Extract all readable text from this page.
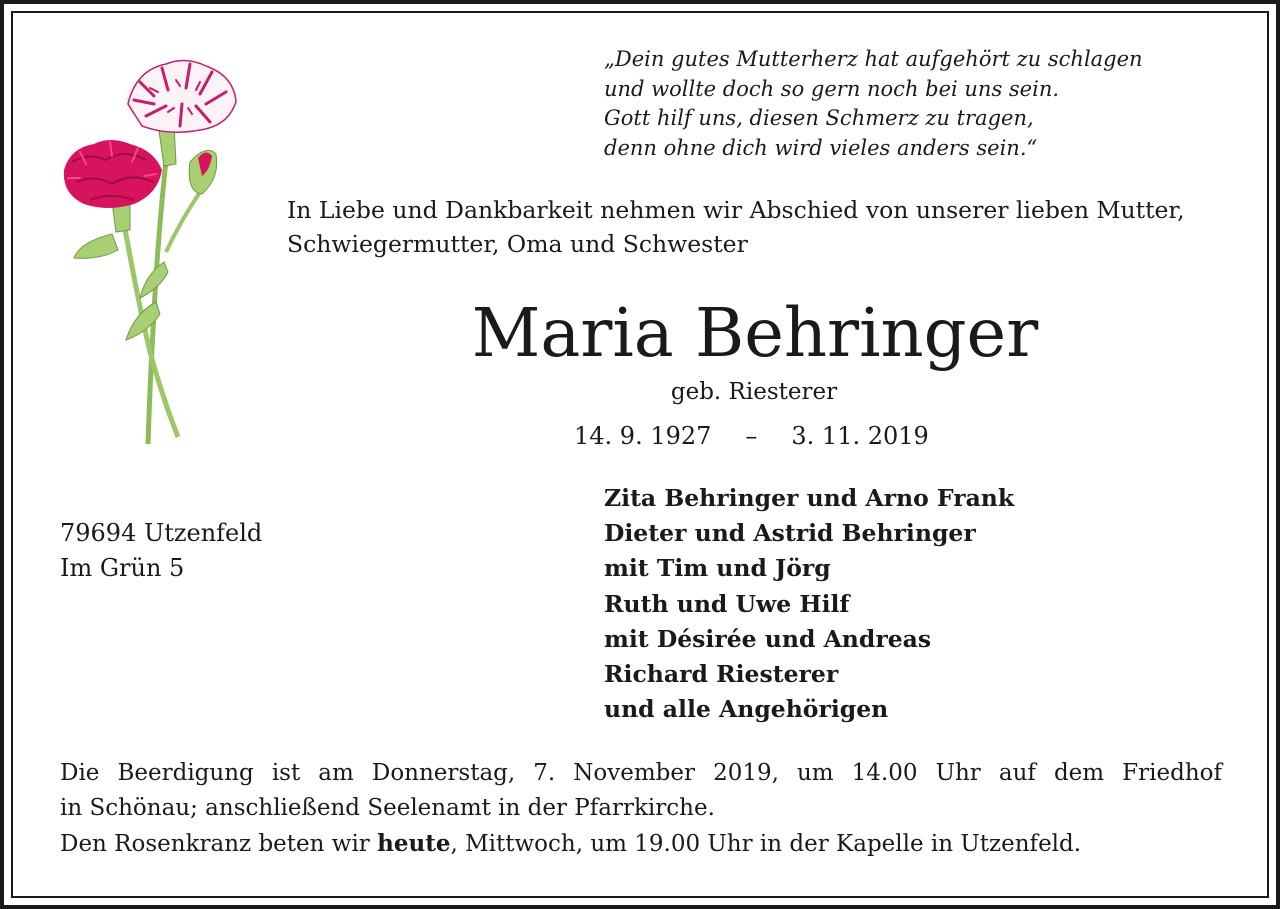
„Dein gutes Mutterherz hat aufgehört zu schlagen
und wollte doch so gern noch bei uns sein.
Gott hilf uns, diesen Schmerz zu tragen,
denn ohne dich wird vieles anders sein.“
In Liebe und Dankbarkeit nehmen wir Abschied von unserer lieben Mutter,
Schwiegermutter, Oma und Schwester
Maria Behringer
geb. Riesterer
14. 9. 1927 – 3. 11. 2019
79694 Utzenfeld
Im Grün 5
Zita Behringer und Arno Frank
Dieter und Astrid Behringer
mit Tim und Jörg
Ruth und Uwe Hilf
mit Désirée und Andreas
Richard Riesterer
und alle Angehörigen
Die Beerdigung ist am Donnerstag, 7. November 2019, um 14.00 Uhr auf dem Friedhof
in Schönau; anschließend Seelenamt in der Pfarrkirche.
Den Rosenkranz beten wir heute, Mittwoch, um 19.00 Uhr in der Kapelle in Utzenfeld.
